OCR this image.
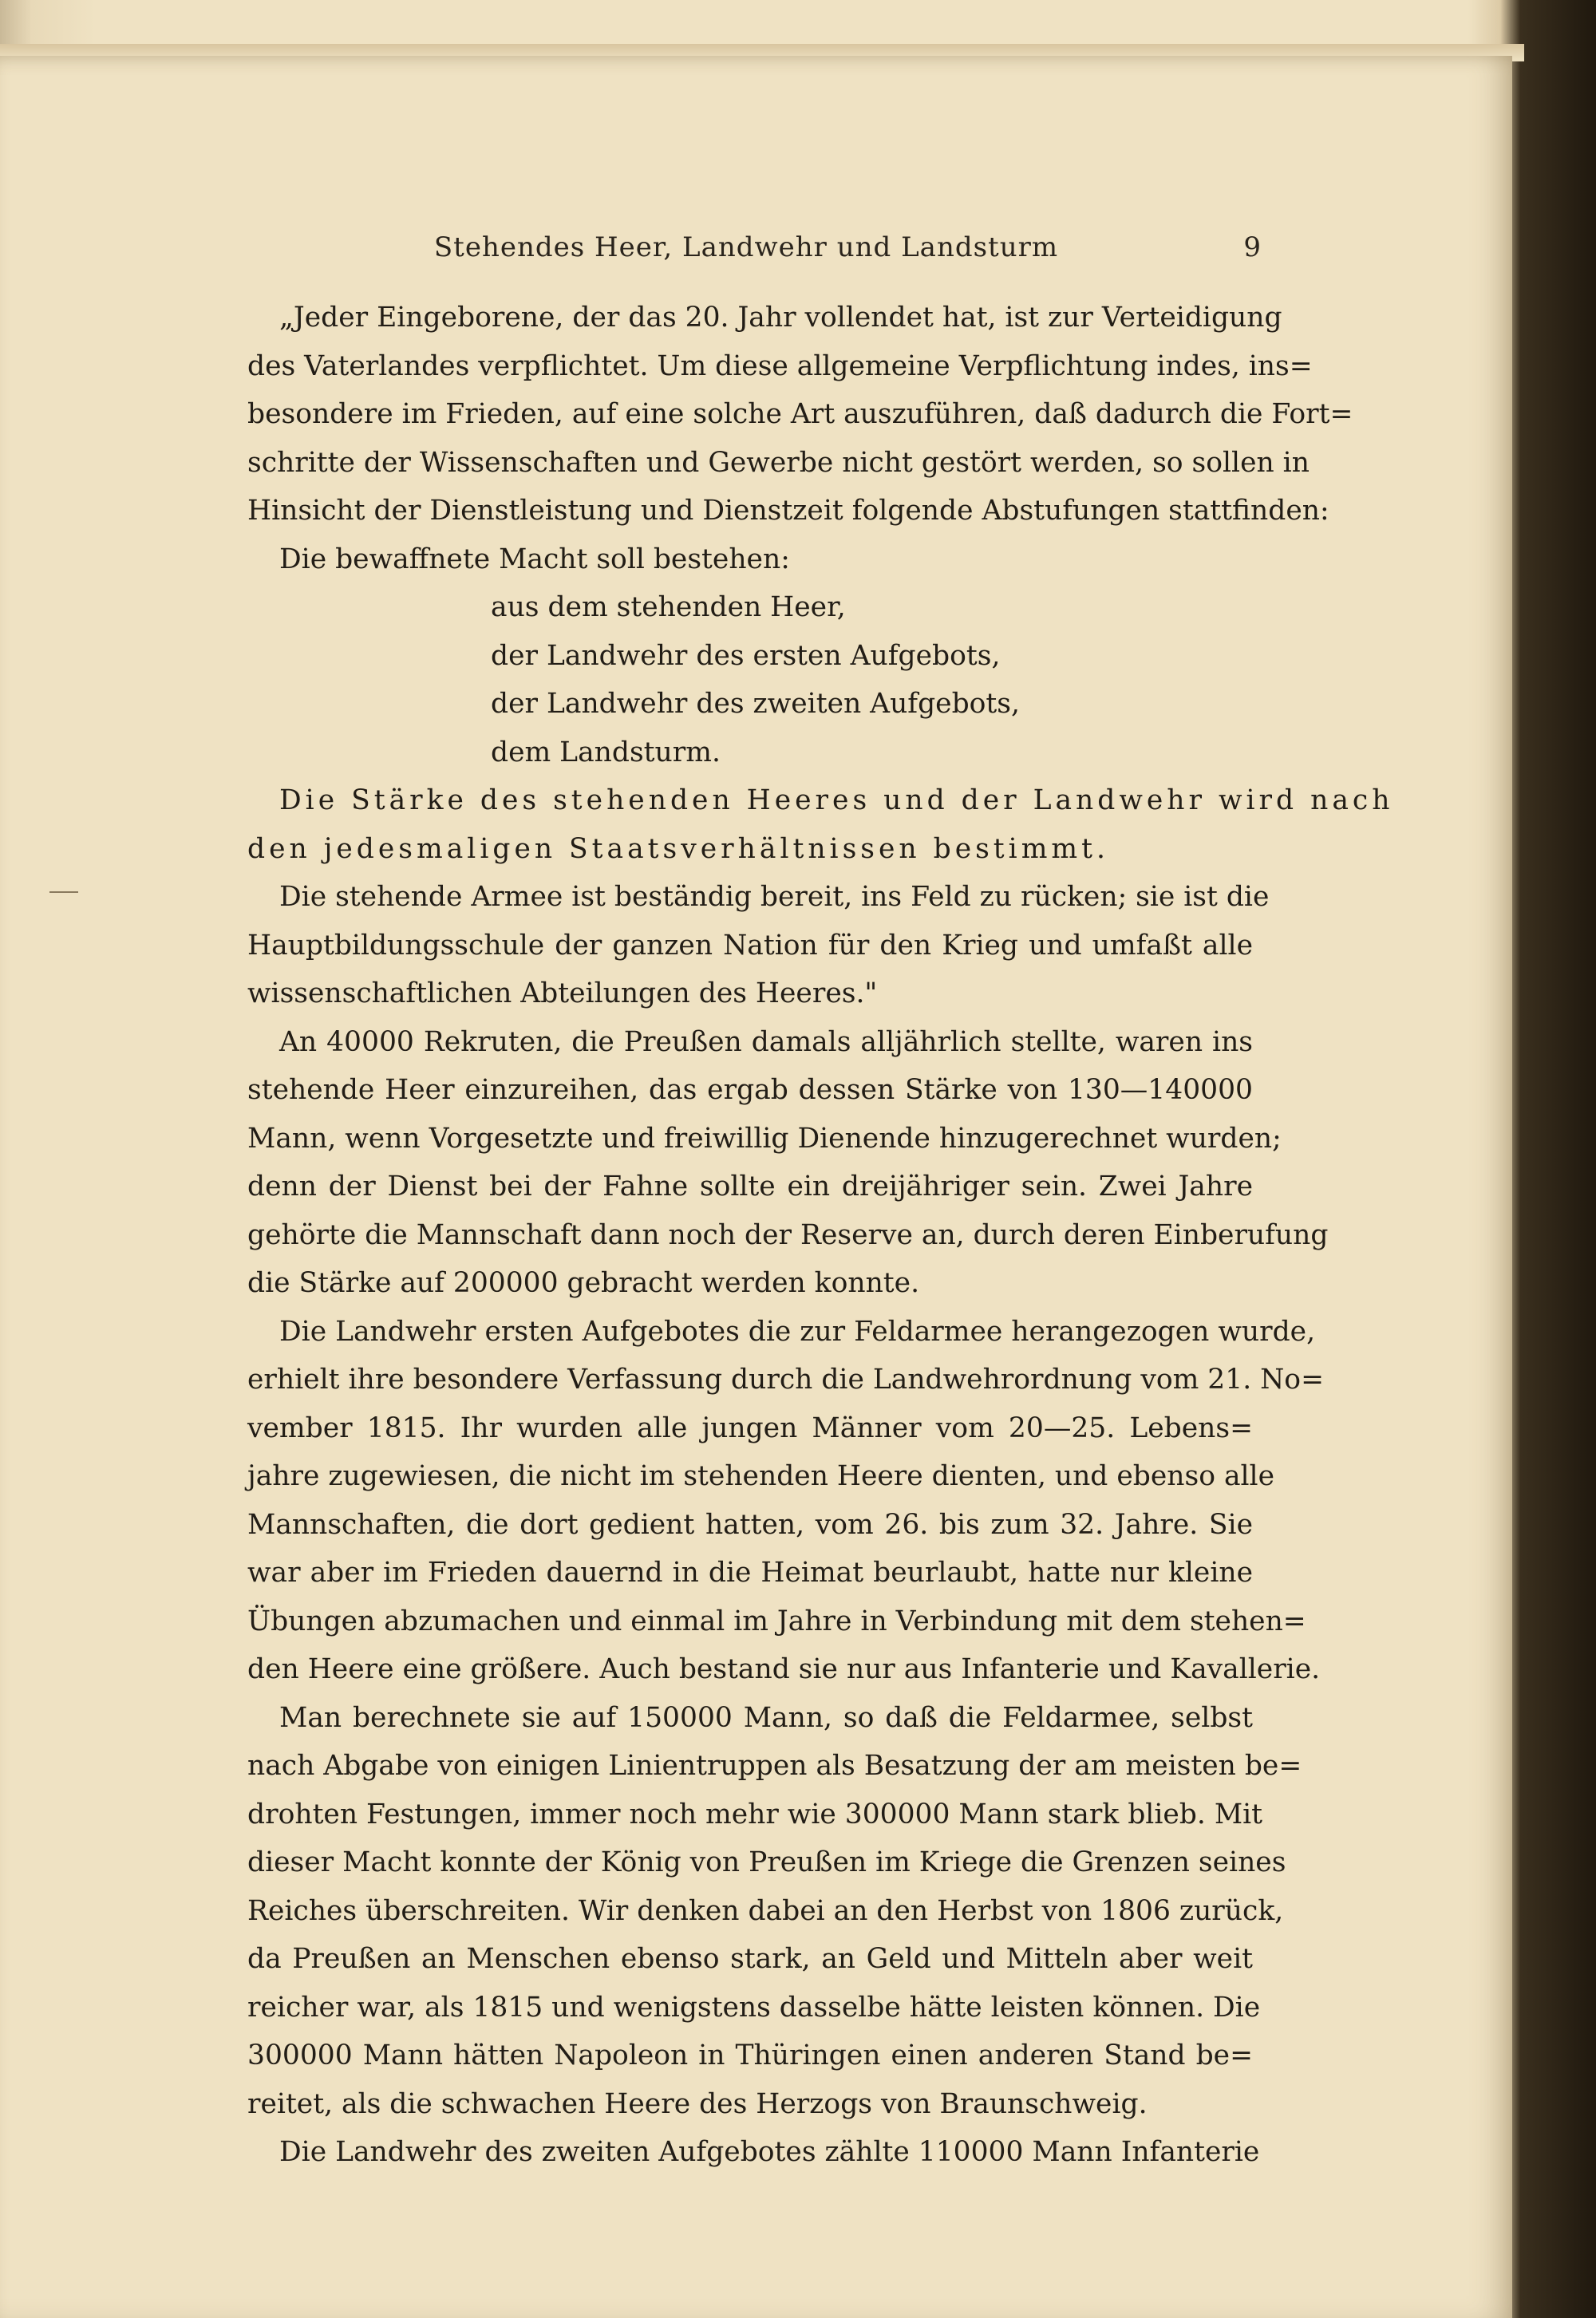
Stehendes Heer, Landwehr und Landsturm	9
„Jeder Eingeborene, der das 20. Jahr vollendet hat, ist zur Verteidigung
des Vaterlandes verpflichtet. Um diese allgemeine Verpflichtung indes, ins=
besondere im Frieden, auf eine solche Art auszuführen, daß dadurch die Fort=
schritte der Wissenschaften und Gewerbe nicht gestört werden, so sollen in
Hinsicht der Dienstleistung und Dienstzeit folgende Abstufungen stattfinden:
Die bewaffnete Macht soll bestehen:
aus dem stehenden Heer,
der Landwehr des ersten Aufgebots,
der Landwehr des zweiten Aufgebots,
dem Landsturm.
Die Stärke des stehenden Heeres und der Landwehr wird nach
den jedesmaligen Staatsverhältnissen bestimmt.
Die stehende Armee ist beständig bereit, ins Feld zu rücken; sie ist die
Hauptbildungsschule der ganzen Nation für den Krieg und umfaßt alle
wissenschaftlichen Abteilungen des Heeres."
An 40000 Rekruten, die Preußen damals alljährlich stellte, waren ins
stehende Heer einzureihen, das ergab dessen Stärke von 130—140000
Mann, wenn Vorgesetzte und freiwillig Dienende hinzugerechnet wurden;
denn der Dienst bei der Fahne sollte ein dreijähriger sein. Zwei Jahre
gehörte die Mannschaft dann noch der Reserve an, durch deren Einberufung
die Stärke auf 200000 gebracht werden konnte.
Die Landwehr ersten Aufgebotes die zur Feldarmee herangezogen wurde,
erhielt ihre besondere Verfassung durch die Landwehrordnung vom 21. No=
vember 1815. Ihr wurden alle jungen Männer vom 20—25. Lebens=
jahre zugewiesen, die nicht im stehenden Heere dienten, und ebenso alle
Mannschaften, die dort gedient hatten, vom 26. bis zum 32. Jahre. Sie
war aber im Frieden dauernd in die Heimat beurlaubt, hatte nur kleine
Übungen abzumachen und einmal im Jahre in Verbindung mit dem stehen=
den Heere eine größere. Auch bestand sie nur aus Infanterie und Kavallerie.
Man berechnete sie auf 150000 Mann, so daß die Feldarmee, selbst
nach Abgabe von einigen Linientruppen als Besatzung der am meisten be=
drohten Festungen, immer noch mehr wie 300000 Mann stark blieb. Mit
dieser Macht konnte der König von Preußen im Kriege die Grenzen seines
Reiches überschreiten. Wir denken dabei an den Herbst von 1806 zurück,
da Preußen an Menschen ebenso stark, an Geld und Mitteln aber weit
reicher war, als 1815 und wenigstens dasselbe hätte leisten können. Die
300000 Mann hätten Napoleon in Thüringen einen anderen Stand be=
reitet, als die schwachen Heere des Herzogs von Braunschweig.
Die Landwehr des zweiten Aufgebotes zählte 110000 Mann Infanterie
